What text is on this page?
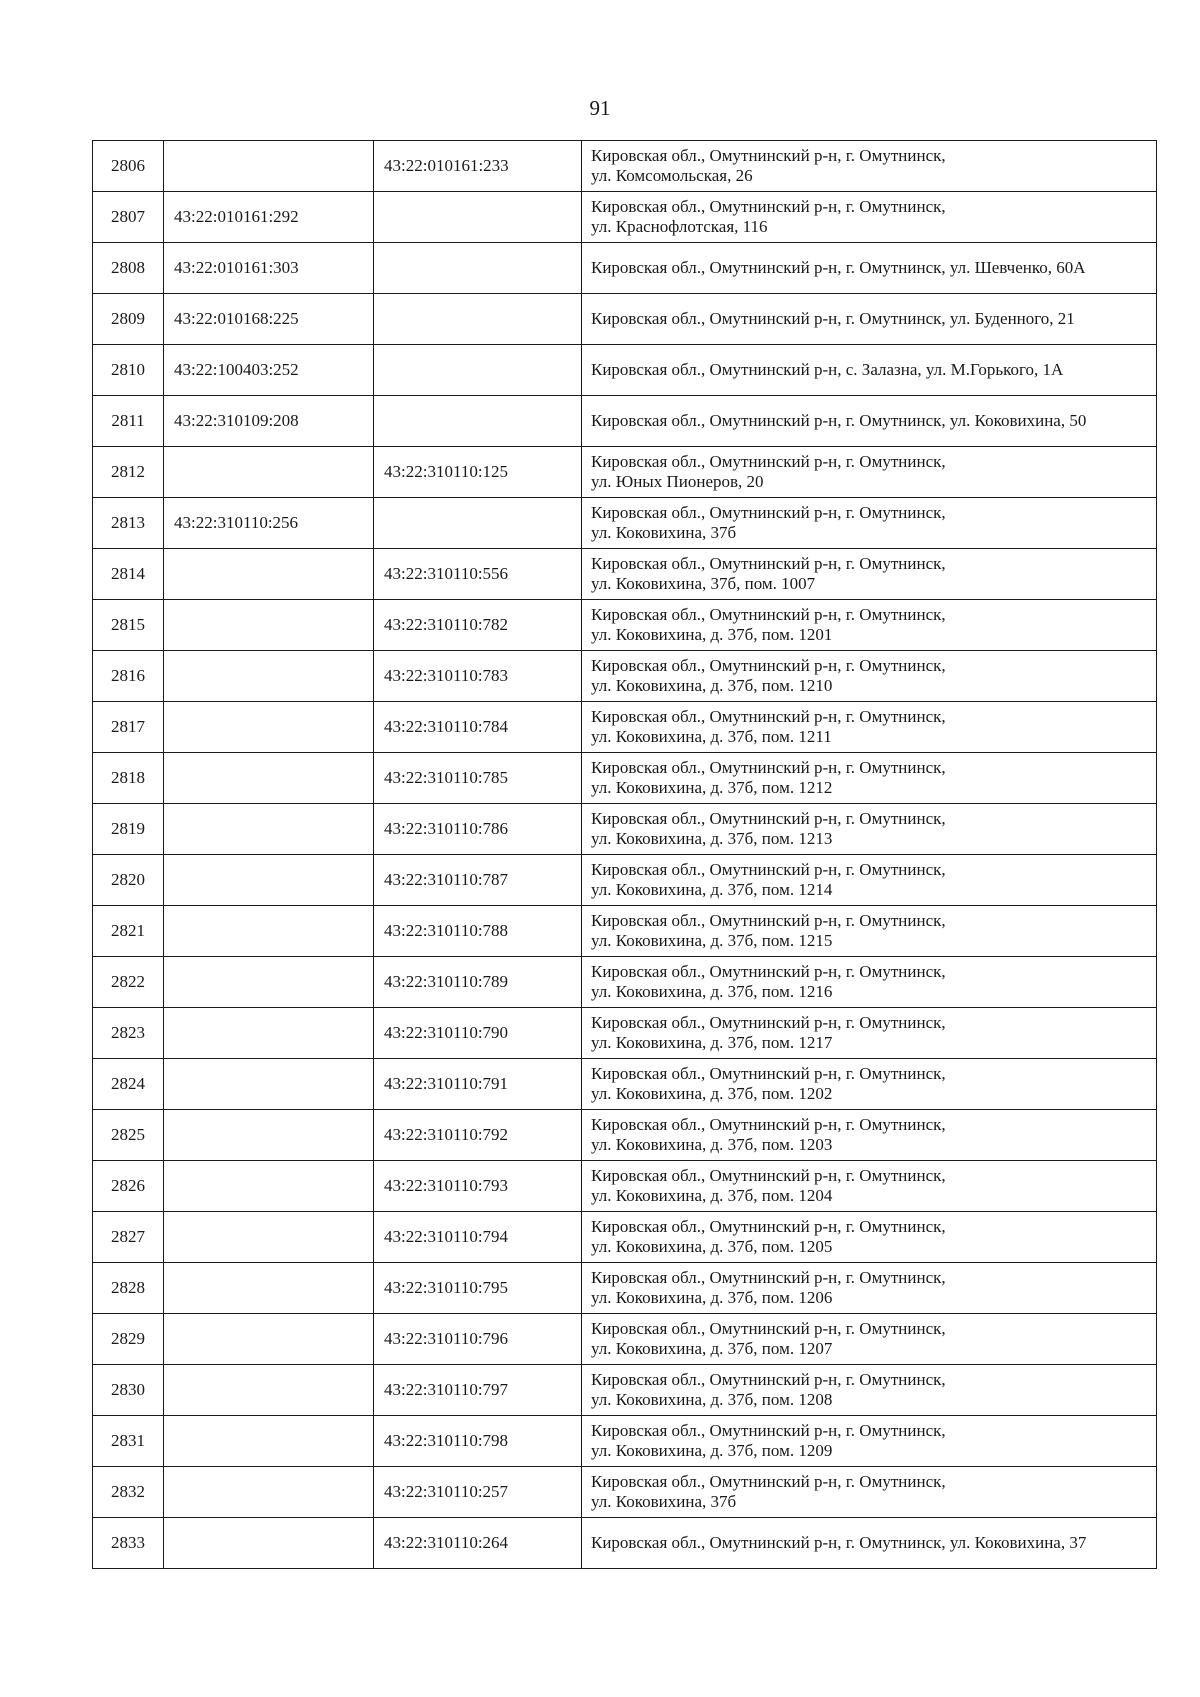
91
2806		43:22:010161:233	Кировская обл., Омутнинский р-н, г. Омутнинск,
ул. Комсомольская, 26

2807	43:22:010161:292		Кировская обл., Омутнинский р-н, г. Омутнинск,
ул. Краснофлотская, 116

2808	43:22:010161:303		Кировская обл., Омутнинский р-н, г. Омутнинск, ул. Шевченко, 60А

2809	43:22:010168:225		Кировская обл., Омутнинский р-н, г. Омутнинск, ул. Буденного, 21

2810	43:22:100403:252		Кировская обл., Омутнинский р-н, с. Залазна, ул. М.Горького, 1А

2811	43:22:310109:208		Кировская обл., Омутнинский р-н, г. Омутнинск, ул. Коковихина, 50

2812		43:22:310110:125	Кировская обл., Омутнинский р-н, г. Омутнинск,
ул. Юных Пионеров, 20

2813	43:22:310110:256		Кировская обл., Омутнинский р-н, г. Омутнинск,
ул. Коковихина, 37б

2814		43:22:310110:556	Кировская обл., Омутнинский р-н, г. Омутнинск,
ул. Коковихина, 37б, пом. 1007

2815		43:22:310110:782	Кировская обл., Омутнинский р-н, г. Омутнинск,
ул. Коковихина, д. 37б, пом. 1201

2816		43:22:310110:783	Кировская обл., Омутнинский р-н, г. Омутнинск,
ул. Коковихина, д. 37б, пом. 1210

2817		43:22:310110:784	Кировская обл., Омутнинский р-н, г. Омутнинск,
ул. Коковихина, д. 37б, пом. 1211

2818		43:22:310110:785	Кировская обл., Омутнинский р-н, г. Омутнинск,
ул. Коковихина, д. 37б, пом. 1212

2819		43:22:310110:786	Кировская обл., Омутнинский р-н, г. Омутнинск,
ул. Коковихина, д. 37б, пом. 1213

2820		43:22:310110:787	Кировская обл., Омутнинский р-н, г. Омутнинск,
ул. Коковихина, д. 37б, пом. 1214

2821		43:22:310110:788	Кировская обл., Омутнинский р-н, г. Омутнинск,
ул. Коковихина, д. 37б, пом. 1215

2822		43:22:310110:789	Кировская обл., Омутнинский р-н, г. Омутнинск,
ул. Коковихина, д. 37б, пом. 1216

2823		43:22:310110:790	Кировская обл., Омутнинский р-н, г. Омутнинск,
ул. Коковихина, д. 37б, пом. 1217

2824		43:22:310110:791	Кировская обл., Омутнинский р-н, г. Омутнинск,
ул. Коковихина, д. 37б, пом. 1202

2825		43:22:310110:792	Кировская обл., Омутнинский р-н, г. Омутнинск,
ул. Коковихина, д. 37б, пом. 1203

2826		43:22:310110:793	Кировская обл., Омутнинский р-н, г. Омутнинск,
ул. Коковихина, д. 37б, пом. 1204

2827		43:22:310110:794	Кировская обл., Омутнинский р-н, г. Омутнинск,
ул. Коковихина, д. 37б, пом. 1205

2828		43:22:310110:795	Кировская обл., Омутнинский р-н, г. Омутнинск,
ул. Коковихина, д. 37б, пом. 1206

2829		43:22:310110:796	Кировская обл., Омутнинский р-н, г. Омутнинск,
ул. Коковихина, д. 37б, пом. 1207

2830		43:22:310110:797	Кировская обл., Омутнинский р-н, г. Омутнинск,
ул. Коковихина, д. 37б, пом. 1208

2831		43:22:310110:798	Кировская обл., Омутнинский р-н, г. Омутнинск,
ул. Коковихина, д. 37б, пом. 1209

2832		43:22:310110:257	Кировская обл., Омутнинский р-н, г. Омутнинск,
ул. Коковихина, 37б

2833		43:22:310110:264	Кировская обл., Омутнинский р-н, г. Омутнинск, ул. Коковихина, 37
